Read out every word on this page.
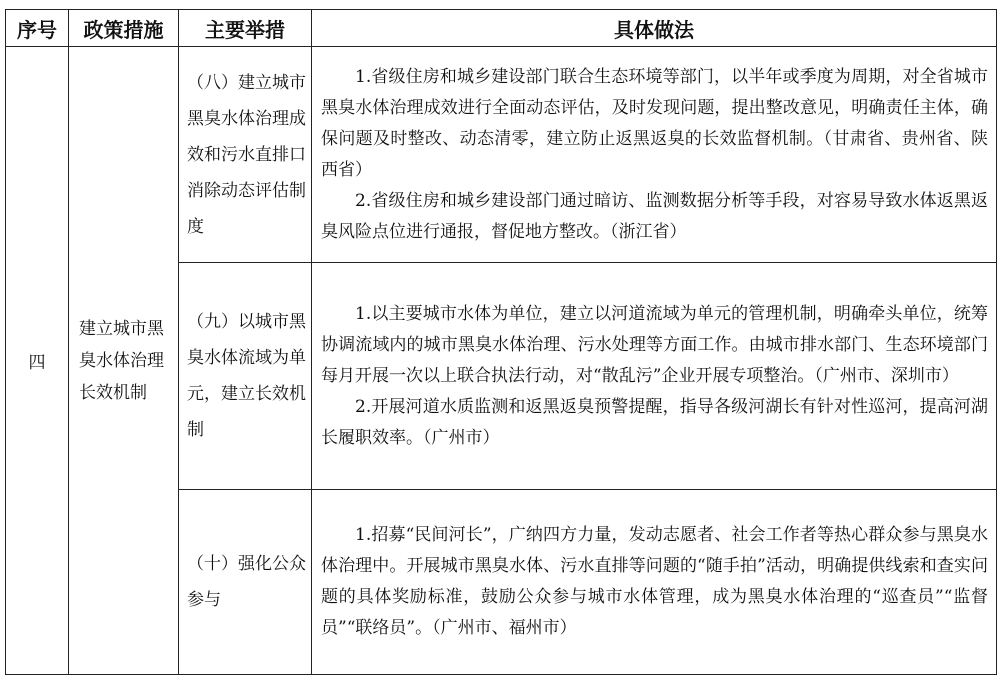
序号	政策措施	主要举措	具体做法
四	建立城市黑臭水体治理长效机制	（八）建立城市黑臭水体治理成效和污水直排口消除动态评估制度	1.省级住房和城乡建设部门联合生态环境等部门，以半年或季度为周期，对全省城市黑臭水体治理成效进行全面动态评估，及时发现问题，提出整改意见，明确责任主体，确保问题及时整改、动态清零，建立防止返黑返臭的长效监督机制。（甘肃省、贵州省、陕西省）

2.省级住房和城乡建设部门通过暗访、监测数据分析等手段，对容易导致水体返黑返臭风险点位进行通报，督促地方整改。（浙江省）

		（九）以城市黑臭水体流域为单元，建立长效机制	1.以主要城市水体为单位，建立以河道流域为单元的管理机制，明确牵头单位，统筹协调流域内的城市黑臭水体治理、污水处理等方面工作。由城市排水部门、生态环境部门每月开展一次以上联合执法行动，对“散乱污”企业开展专项整治。（广州市、深圳市）

2.开展河道水质监测和返黑返臭预警提醒，指导各级河湖长有针对性巡河，提高河湖长履职效率。（广州市）

		（十）强化公众参与	1.招募“民间河长”，广纳四方力量，发动志愿者、社会工作者等热心群众参与黑臭水体治理中。开展城市黑臭水体、污水直排等问题的“随手拍”活动，明确提供线索和查实问题的具体奖励标准，鼓励公众参与城市水体管理，成为黑臭水体治理的“巡查员”“监督员”“联络员”。（广州市、福州市）
